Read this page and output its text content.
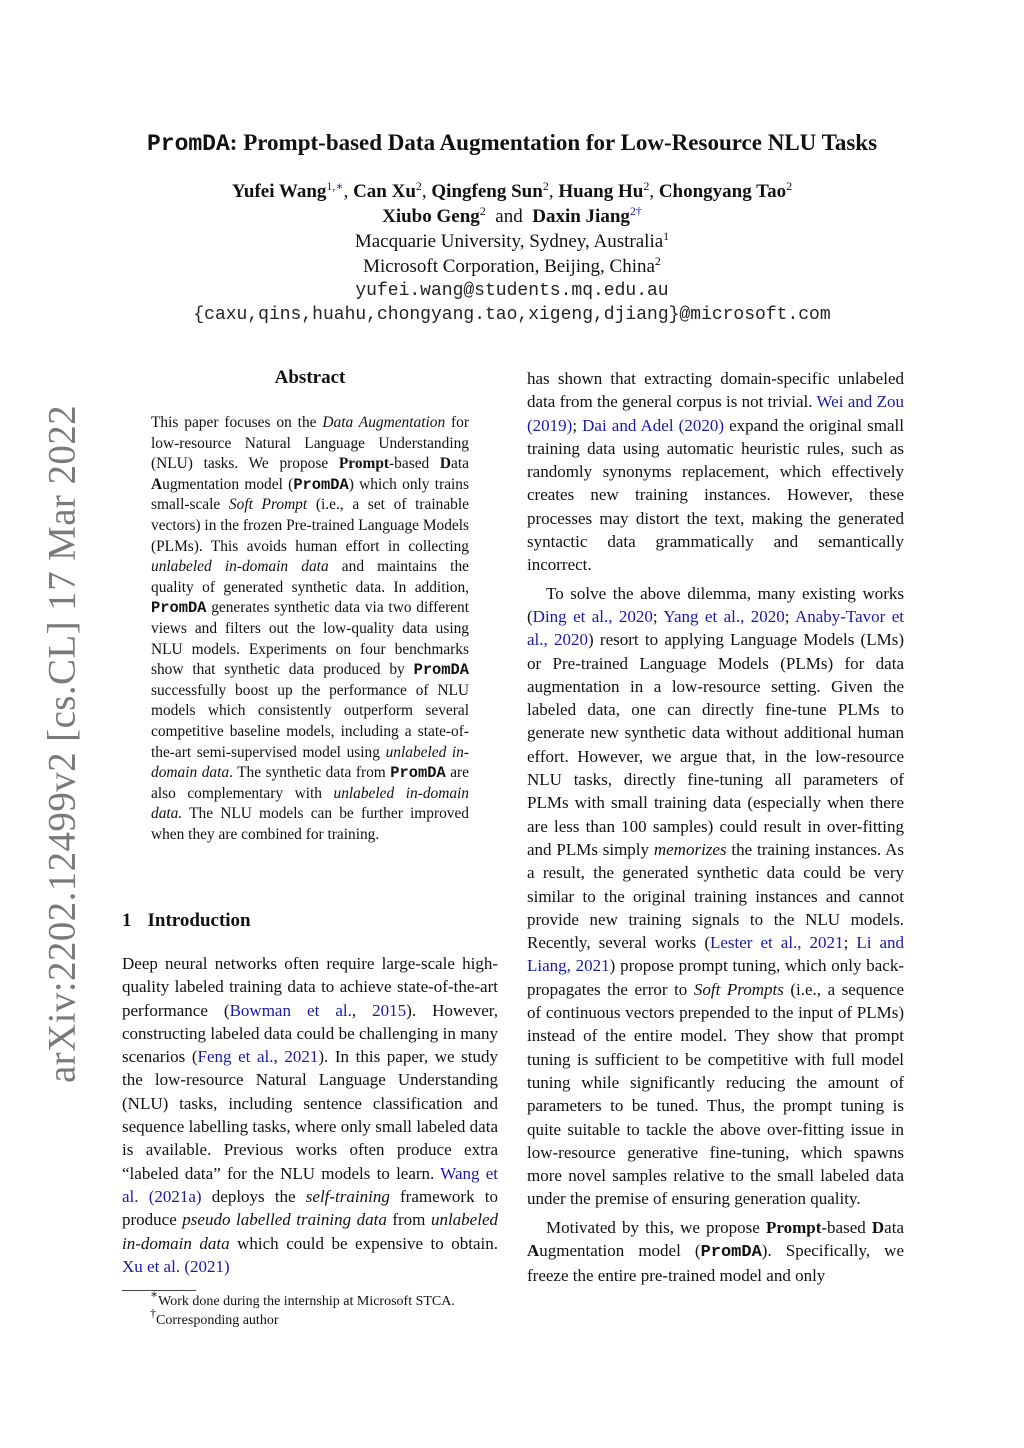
arXiv:2202.12499v2 [cs.CL] 17 Mar 2022
PromDA: Prompt-based Data Augmentation for Low-Resource NLU Tasks
Yufei Wang$^{1,∗}$, Can Xu$^2$, Qingfeng Sun$^2$, Huang Hu$^2$, Chongyang Tao$^2$
Xiubo Geng$^2$ and Daxin Jiang$^{2\dagger}$
Macquarie University, Sydney, Australia$^1$
Microsoft Corporation, Beijing, China$^2$
yufei.wang@students.mq.edu.au
{caxu,qins,huahu,chongyang.tao,xigeng,djiang}@microsoft.com
Abstract
This paper focuses on the Data Augmentation for low-resource Natural Language Understanding (NLU) tasks. We propose Prompt-based Data Augmentation model (PromDA) which only trains small-scale Soft Prompt (i.e., a set of trainable vectors) in the frozen Pre-trained Language Models (PLMs). This avoids human effort in collecting unlabeled in-domain data and maintains the quality of generated synthetic data. In addition, PromDA generates synthetic data via two different views and filters out the low-quality data using NLU models. Experiments on four benchmarks show that synthetic data produced by PromDA successfully boost up the performance of NLU models which consistently outperform several competitive baseline models, including a state-of-the-art semi-supervised model using unlabeled in-domain data. The synthetic data from PromDA are also complementary with unlabeled in-domain data. The NLU models can be further improved when they are combined for training.
1 Introduction
Deep neural networks often require large-scale high-quality labeled training data to achieve state-of-the-art performance (Bowman et al., 2015). However, constructing labeled data could be challenging in many scenarios (Feng et al., 2021). In this paper, we study the low-resource Natural Language Understanding (NLU) tasks, including sentence classification and sequence labelling tasks, where only small labeled data is available. Previous works often produce extra “labeled data” for the NLU models to learn. Wang et al. (2021a) deploys the self-training framework to produce pseudo labelled training data from unlabeled in-domain data which could be expensive to obtain. Xu et al. (2021)
∗Work done during the internship at Microsoft STCA.
†Corresponding author

has shown that extracting domain-specific unlabeled data from the general corpus is not trivial. Wei and Zou (2019); Dai and Adel (2020) expand the original small training data using automatic heuristic rules, such as randomly synonyms replacement, which effectively creates new training instances. However, these processes may distort the text, making the generated syntactic data grammatically and semantically incorrect.

To solve the above dilemma, many existing works (Ding et al., 2020; Yang et al., 2020; Anaby-Tavor et al., 2020) resort to applying Language Models (LMs) or Pre-trained Language Models (PLMs) for data augmentation in a low-resource setting. Given the labeled data, one can directly fine-tune PLMs to generate new synthetic data without additional human effort. However, we argue that, in the low-resource NLU tasks, directly fine-tuning all parameters of PLMs with small training data (especially when there are less than 100 samples) could result in over-fitting and PLMs simply memorizes the training instances. As a result, the generated synthetic data could be very similar to the original training instances and cannot provide new training signals to the NLU models. Recently, several works (Lester et al., 2021; Li and Liang, 2021) propose prompt tuning, which only back-propagates the error to Soft Prompts (i.e., a sequence of continuous vectors prepended to the input of PLMs) instead of the entire model. They show that prompt tuning is sufficient to be competitive with full model tuning while significantly reducing the amount of parameters to be tuned. Thus, the prompt tuning is quite suitable to tackle the above over-fitting issue in low-resource generative fine-tuning, which spawns more novel samples relative to the small labeled data under the premise of ensuring generation quality.

Motivated by this, we propose Prompt-based Data Augmentation model (PromDA). Specifically, we freeze the entire pre-trained model and only
